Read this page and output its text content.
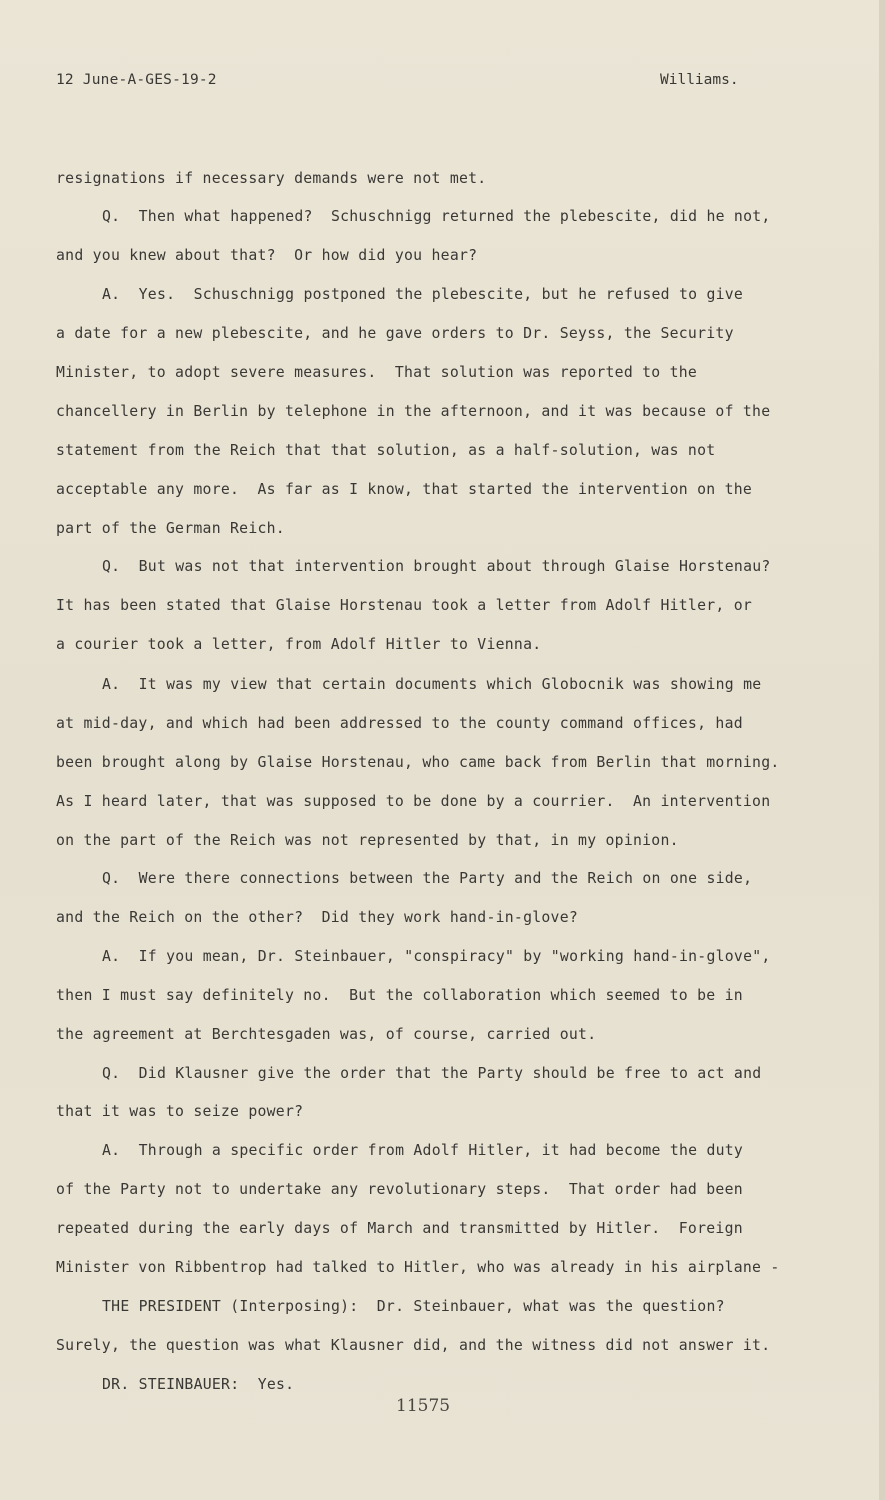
12 June-A-GES-19-2	Williams.
resignations if necessary demands were not met.
Q.  Then what happened?  Schuschnigg returned the plebescite, did he not,
and you knew about that?  Or how did you hear?
A.  Yes.  Schuschnigg postponed the plebescite, but he refused to give
a date for a new plebescite, and he gave orders to Dr. Seyss, the Security
Minister, to adopt severe measures.  That solution was reported to the
chancellery in Berlin by telephone in the afternoon, and it was because of the
statement from the Reich that that solution, as a half-solution, was not
acceptable any more.  As far as I know, that started the intervention on the
part of the German Reich.
Q.  But was not that intervention brought about through Glaise Horstenau?
It has been stated that Glaise Horstenau took a letter from Adolf Hitler, or
a courier took a letter, from Adolf Hitler to Vienna.
A.  It was my view that certain documents which Globocnik was showing me
at mid-day, and which had been addressed to the county command offices, had
been brought along by Glaise Horstenau, who came back from Berlin that morning.
As I heard later, that was supposed to be done by a courrier.  An intervention
on the part of the Reich was not represented by that, in my opinion.
Q.  Were there connections between the Party and the Reich on one side,
and the Reich on the other?  Did they work hand-in-glove?
A.  If you mean, Dr. Steinbauer, "conspiracy" by "working hand-in-glove",
then I must say definitely no.  But the collaboration which seemed to be in
the agreement at Berchtesgaden was, of course, carried out.
Q.  Did Klausner give the order that the Party should be free to act and
that it was to seize power?
A.  Through a specific order from Adolf Hitler, it had become the duty
of the Party not to undertake any revolutionary steps.  That order had been
repeated during the early days of March and transmitted by Hitler.  Foreign
Minister von Ribbentrop had talked to Hitler, who was already in his airplane -
THE PRESIDENT (Interposing):  Dr. Steinbauer, what was the question?
Surely, the question was what Klausner did, and the witness did not answer it.
DR. STEINBAUER:  Yes.
11575
